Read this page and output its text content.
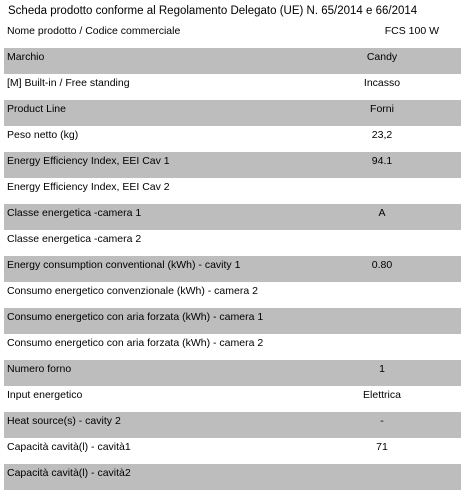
Scheda prodotto conforme al Regolamento Delegato (UE) N. 65/2014 e 66/2014
Nome prodotto / Codice commerciale	FCS 100 W
Marchio	Candy
[M] Built-in / Free standing	Incasso
Product Line	Forni
Peso netto (kg)	23,2
Energy Efficiency Index, EEI Cav 1	94.1
Energy Efficiency Index, EEI Cav 2
Classe energetica -camera 1	A
Classe energetica -camera 2
Energy consumption conventional (kWh) - cavity 1	0.80
Consumo energetico convenzionale (kWh) - camera 2
Consumo energetico con aria forzata (kWh) - camera 1
Consumo energetico con aria forzata (kWh) - camera 2
Numero forno	1
Input energetico	Elettrica
Heat source(s) - cavity 2	-
Capacità cavità(l) - cavità1	71
Capacità cavità(l) - cavità2
